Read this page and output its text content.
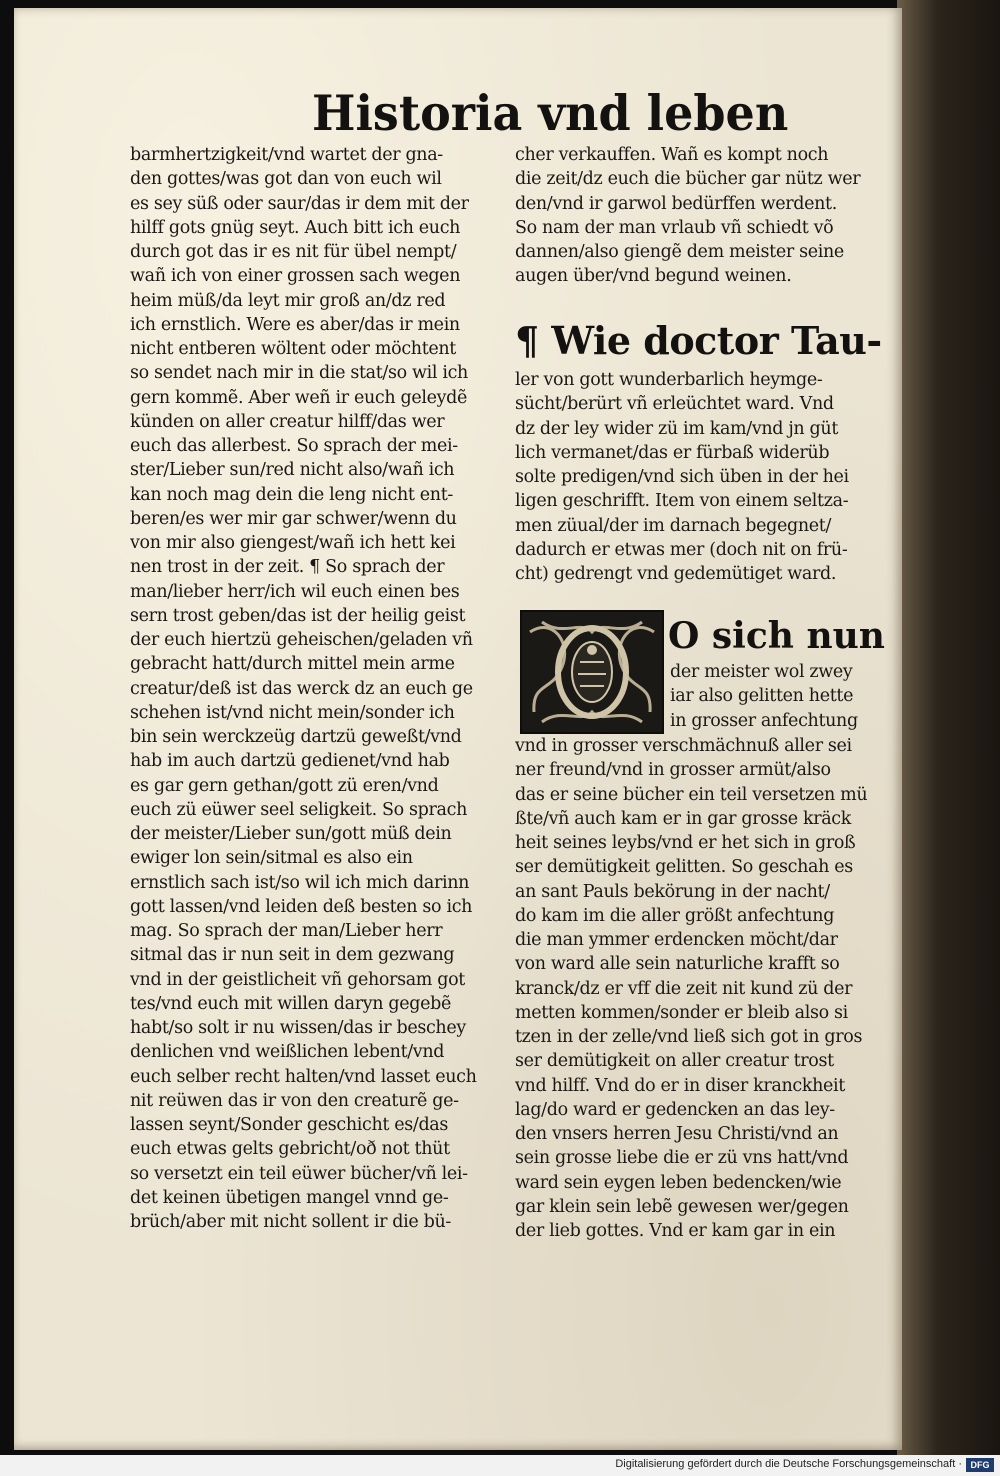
Historia vnd leben
barmhertzigkeit/vnd wartet der gna-
den gottes/was got dan von euch wil
es sey süß oder saur/das ir dem mit der
hilff gots gnüg seyt. Auch bitt ich euch
durch got das ir es nit für übel nempt/
wañ ich von einer grossen sach wegen
heim müß/da leyt mir groß an/dz red
ich ernstlich. Were es aber/das ir mein
nicht entberen wöltent oder möchtent
so sendet nach mir in die stat/so wil ich
gern kommẽ. Aber weñ ir euch geleydẽ
künden on aller creatur hilff/das wer
euch das allerbest. So sprach der mei-
ster/Lieber sun/red nicht also/wañ ich
kan noch mag dein die leng nicht ent-
beren/es wer mir gar schwer/wenn du
von mir also giengest/wañ ich hett kei
nen trost in der zeit. ¶ So sprach der
man/lieber herr/ich wil euch einen bes
sern trost geben/das ist der heilig geist
der euch hiertzü geheischen/geladen vñ
gebracht hatt/durch mittel mein arme
creatur/deß ist das werck dz an euch ge
schehen ist/vnd nicht mein/sonder ich
bin sein werckzeüg dartzü geweßt/vnd
hab im auch dartzü gedienet/vnd hab
es gar gern gethan/gott zü eren/vnd
euch zü eüwer seel seligkeit. So sprach
der meister/Lieber sun/gott müß dein
ewiger lon sein/sitmal es also ein
ernstlich sach ist/so wil ich mich darinn
gott lassen/vnd leiden deß besten so ich
mag. So sprach der man/Lieber herr
sitmal das ir nun seit in dem gezwang
vnd in der geistlicheit vñ gehorsam got
tes/vnd euch mit willen daryn gegebẽ
habt/so solt ir nu wissen/das ir beschey
denlichen vnd weißlichen lebent/vnd
euch selber recht halten/vnd lasset euch
nit reüwen das ir von den creaturẽ ge-
lassen seynt/Sonder geschicht es/das
euch etwas gelts gebricht/oð not thüt
so versetzt ein teil eüwer bücher/vñ lei-
det keinen übetigen mangel vnnd ge-
brüch/aber mit nicht sollent ir die bü-
cher verkauffen. Wañ es kompt noch
die zeit/dz euch die bücher gar nütz wer
den/vnd ir garwol bedürffen werdent.
So nam der man vrlaub vñ schiedt võ
dannen/also giengẽ dem meister seine
augen über/vnd begund weinen.
¶ Wie doctor Tau-
ler von gott wunderbarlich heymge-
sücht/berürt vñ erleüchtet ward. Vnd
dz der ley wider zü im kam/vnd jn güt
lich vermanet/das er fürbaß widerüb
solte predigen/vnd sich üben in der hei
ligen geschrifft. Item von einem seltza-
men züual/der im darnach begegnet/
dadurch er etwas mer (doch nit on frü-
cht) gedrengt vnd gedemütiget ward.
O sich nun
der meister wol zwey
iar also gelitten hette
in grosser anfechtung
vnd in grosser verschmächnuß aller sei
ner freund/vnd in grosser armüt/also
das er seine bücher ein teil versetzen mü
ßte/vñ auch kam er in gar grosse kräck
heit seines leybs/vnd er het sich in groß
ser demütigkeit gelitten. So geschah es
an sant Pauls bekörung in der nacht/
do kam im die aller größt anfechtung
die man ymmer erdencken möcht/dar
von ward alle sein naturliche krafft so
kranck/dz er vff die zeit nit kund zü der
metten kommen/sonder er bleib also si
tzen in der zelle/vnd ließ sich got in gros
ser demütigkeit on aller creatur trost
vnd hilff. Vnd do er in diser kranckheit
lag/do ward er gedencken an das ley-
den vnsers herren Jesu Christi/vnd an
sein grosse liebe die er zü vns hatt/vnd
ward sein eygen leben bedencken/wie
gar klein sein lebẽ gewesen wer/gegen
der lieb gottes. Vnd er kam gar in ein
Digitalisierung gefördert durch die Deutsche Forschungsgemeinschaft · DFG
